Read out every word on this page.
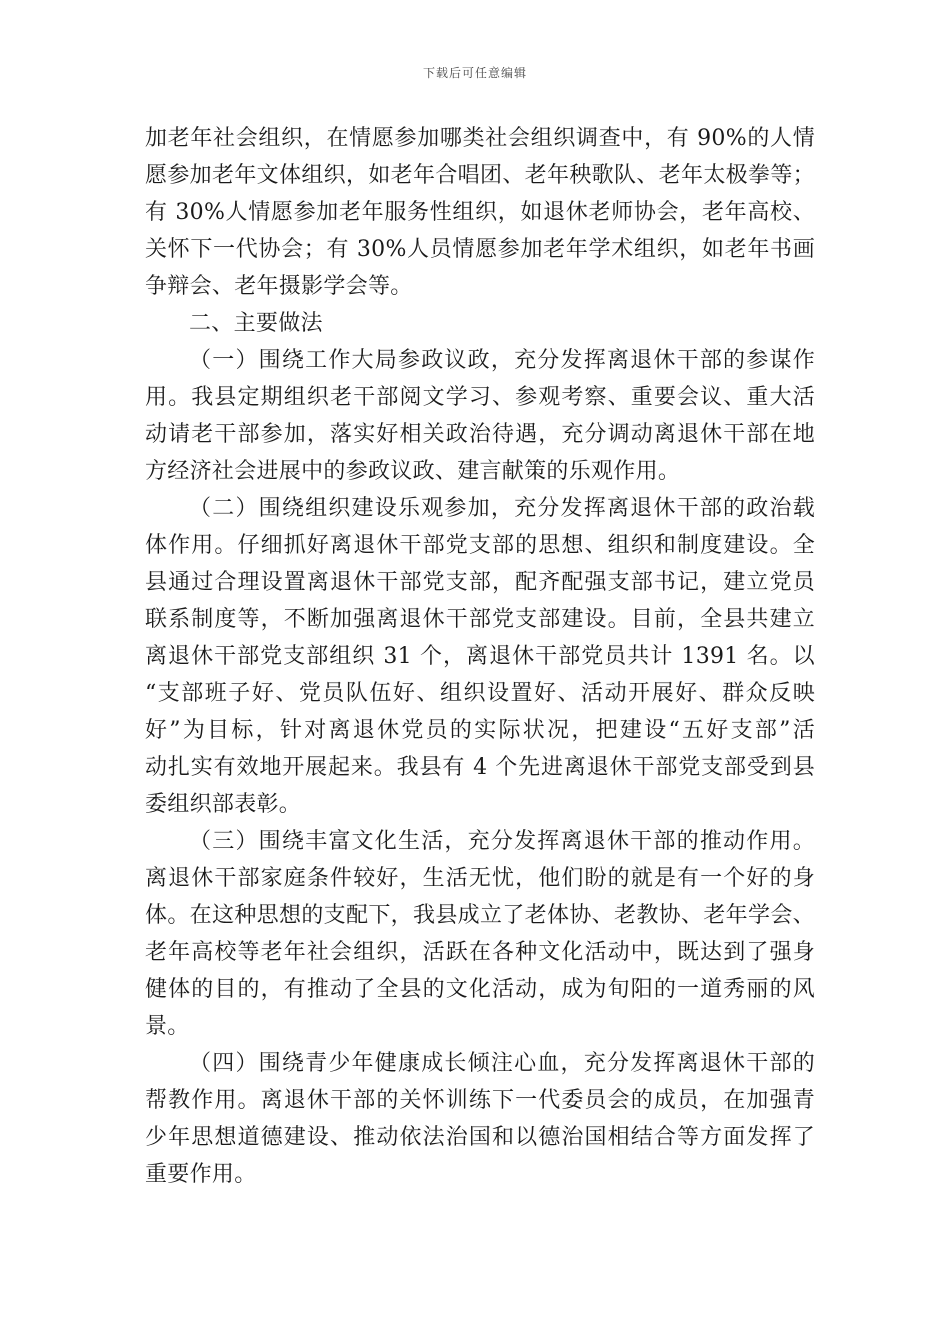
下载后可任意编辑
加老年社会组织，在情愿参加哪类社会组织调查中，有 90%的人情
愿参加老年文体组织，如老年合唱团、老年秧歌队、老年太极拳等；
有 30%人情愿参加老年服务性组织，如退休老师协会，老年高校、
关怀下一代协会；有 30%人员情愿参加老年学术组织，如老年书画
争辩会、老年摄影学会等。
二、主要做法
（一）围绕工作大局参政议政，充分发挥离退休干部的参谋作
用。我县定期组织老干部阅文学习、参观考察、重要会议、重大活
动请老干部参加，落实好相关政治待遇，充分调动离退休干部在地
方经济社会进展中的参政议政、建言献策的乐观作用。
（二）围绕组织建设乐观参加，充分发挥离退休干部的政治载
体作用。仔细抓好离退休干部党支部的思想、组织和制度建设。全
县通过合理设置离退休干部党支部，配齐配强支部书记，建立党员
联系制度等，不断加强离退休干部党支部建设。目前，全县共建立
离退休干部党支部组织 31 个，离退休干部党员共计 1391 名。以
“支部班子好、党员队伍好、组织设置好、活动开展好、群众反映
好”为目标，针对离退休党员的实际状况，把建设“五好支部”活
动扎实有效地开展起来。我县有 4 个先进离退休干部党支部受到县
委组织部表彰。
（三）围绕丰富文化生活，充分发挥离退休干部的推动作用。
离退休干部家庭条件较好，生活无忧，他们盼的就是有一个好的身
体。在这种思想的支配下，我县成立了老体协、老教协、老年学会、
老年高校等老年社会组织，活跃在各种文化活动中，既达到了强身
健体的目的，有推动了全县的文化活动，成为旬阳的一道秀丽的风
景。
（四）围绕青少年健康成长倾注心血，充分发挥离退休干部的
帮教作用。离退休干部的关怀训练下一代委员会的成员，在加强青
少年思想道德建设、推动依法治国和以德治国相结合等方面发挥了
重要作用。
